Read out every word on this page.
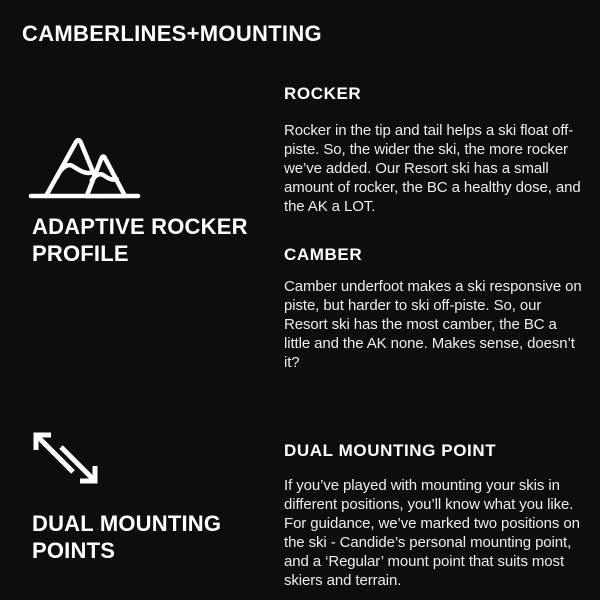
CAMBERLINES+MOUNTING
ADAPTIVE ROCKER PROFILE
DUAL MOUNTING POINTS
ROCKER

Rocker in the tip and tail helps a ski float off-piste. So, the wider the ski, the more rocker we’ve added. Our Resort ski has a small amount of rocker, the BC a healthy dose, and the AK a LOT.

CAMBER

Camber underfoot makes a ski responsive on piste, but harder to ski off-piste. So, our Resort ski has the most camber, the BC a little and the AK none. Makes sense, doesn’t it?

DUAL MOUNTING POINT

If you’ve played with mounting your skis in different positions, you’ll know what you like. For guidance, we’ve marked two positions on the ski - Candide’s personal mounting point, and a ‘Regular’ mount point that suits most skiers and terrain.
